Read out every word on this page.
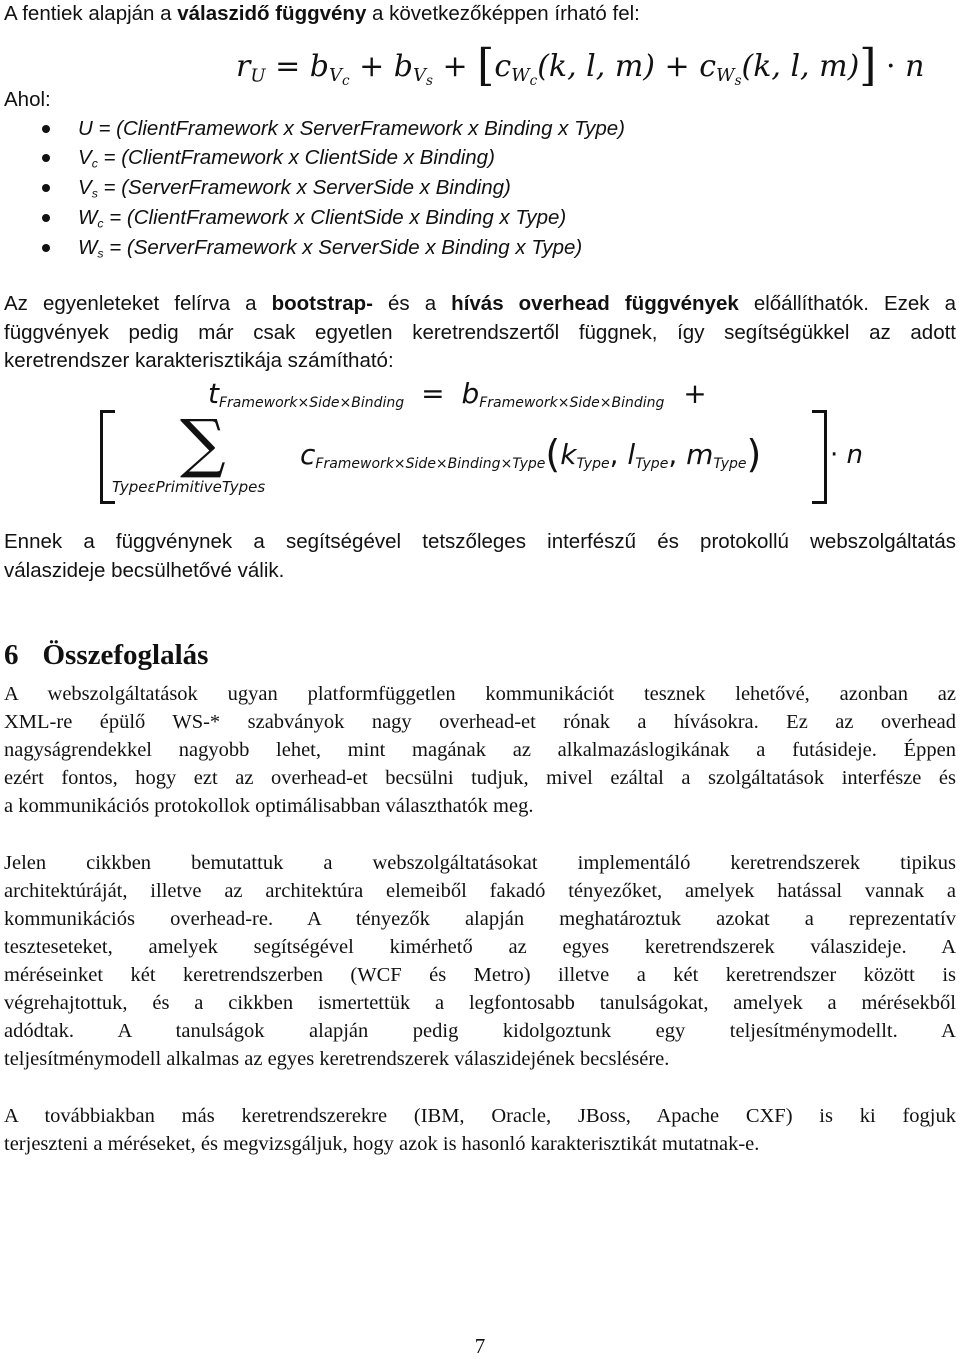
A fentiek alapján a válaszidő függvény a következőképpen írható fel:
$r_U = b_{V_c} + b_{V_s} + [c_{W_c}(k$, l, $m) + c_{W_s}(k$, l, m)] · n
Ahol:
U = (ClientFramework x ServerFramework x Binding x Type)
$V_c$ = (ClientFramework x ClientSide x Binding)
$V_s$ = (ServerFramework x ServerSide x Binding)
$W_c$ = (ClientFramework x ClientSide x Binding x Type)
$W_s$ = (ServerFramework x ServerSide x Binding x Type)
Az egyenleteket felírva a bootstrap- és a hívás overhead függvények előállíthatók. Ezek a
függvények pedig már csak egyetlen keretrendszertől függnek, így segítségükkel az adott
keretrendszer karakterisztikája számítható:
$t_{Framework\times Side\times Binding} = b_{Framework\times Side\times Binding}$ +
∑
TypeεPrimitiveTypes
$c_{Framework\times Side\times Binding\times Type}(k_{Type}$, $l_{Type}$, $m_{Type}$)	· n
Ennek a függvénynek a segítségével tetszőleges interfészű és protokollú webszolgáltatás
válaszideje becsülhetővé válik.
6 Összefoglalás
A webszolgáltatások ugyan platformfüggetlen kommunikációt tesznek lehetővé, azonban az
XML-re épülő WS-* szabványok nagy overhead-et rónak a hívásokra. Ez az overhead
nagyságrendekkel nagyobb lehet, mint magának az alkalmazáslogikának a futásideje. Éppen
ezért fontos, hogy ezt az overhead-et becsülni tudjuk, mivel ezáltal a szolgáltatások interfésze és
a kommunikációs protokollok optimálisabban választhatók meg.
Jelen cikkben bemutattuk a webszolgáltatásokat implementáló keretrendszerek tipikus
architektúráját, illetve az architektúra elemeiből fakadó tényezőket, amelyek hatással vannak a
kommunikációs overhead-re. A tényezők alapján meghatároztuk azokat a reprezentatív
teszteseteket, amelyek segítségével kimérhető az egyes keretrendszerek válaszideje. A
méréseinket két keretrendszerben (WCF és Metro) illetve a két keretrendszer között is
végrehajtottuk, és a cikkben ismertettük a legfontosabb tanulságokat, amelyek a mérésekből
adódtak. A tanulságok alapján pedig kidolgoztunk egy teljesítménymodellt. A
teljesítménymodell alkalmas az egyes keretrendszerek válaszidejének becslésére.
A továbbiakban más keretrendszerekre (IBM, Oracle, JBoss, Apache CXF) is ki fogjuk
terjeszteni a méréseket, és megvizsgáljuk, hogy azok is hasonló karakterisztikát mutatnak-e.
7
